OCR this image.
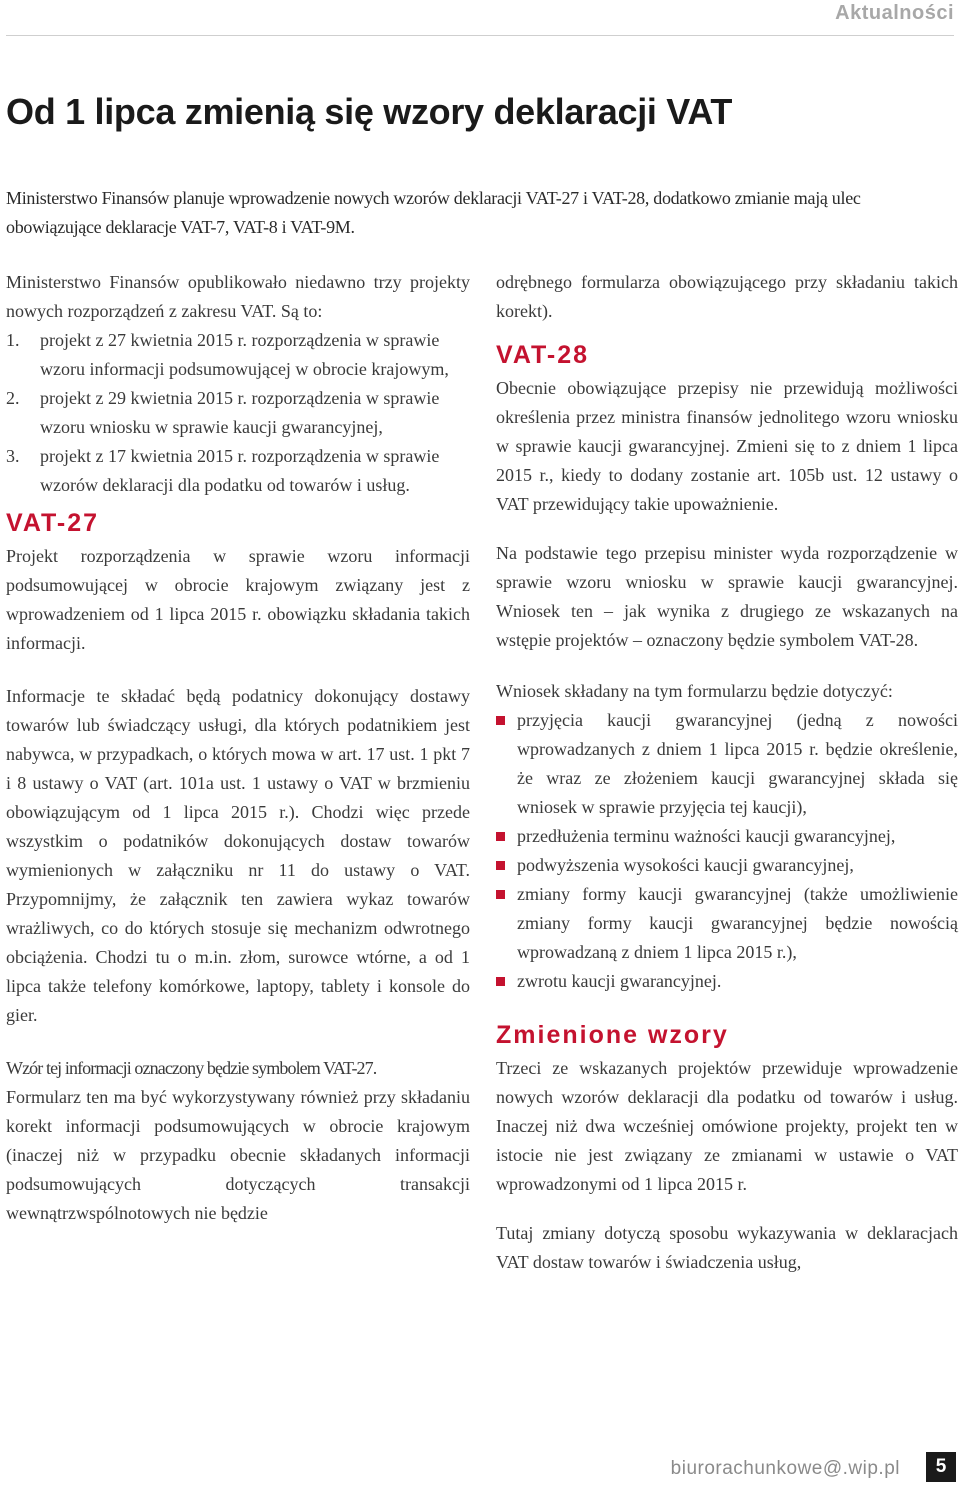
Aktualności
Od 1 lipca zmienią się wzory deklaracji VAT

Ministerstwo Finansów planuje wprowadzenie nowych wzorów deklaracji VAT-27 i VAT-28, dodatkowo zmianie mają ulec obowiązujące deklaracje VAT-7, VAT-8 i VAT-9M.

Ministerstwo Finansów opublikowało niedawno trzy projekty nowych rozporządzeń z zakresu VAT. Są to:

1. projekt z 27 kwietnia 2015 r. rozporządzenia w sprawie wzoru informacji podsumowującej w obrocie krajowym,
2. projekt z 29 kwietnia 2015 r. rozporządzenia w sprawie wzoru wniosku w sprawie kaucji gwarancyjnej,
3. projekt z 17 kwietnia 2015 r. rozporządzenia w sprawie wzorów deklaracji dla podatku od towarów i usług.
VAT-27

Projekt rozporządzenia w sprawie wzoru informacji podsumowującej w obrocie krajowym związany jest z wprowadzeniem od 1 lipca 2015 r. obowiązku składania takich informacji.

Informacje te składać będą podatnicy dokonujący dostawy towarów lub świadczący usługi, dla których podatnikiem jest nabywca, w przypadkach, o których mowa w art. 17 ust. 1 pkt 7 i 8 ustawy o VAT (art. 101a ust. 1 ustawy o VAT w brzmieniu obowiązującym od 1 lipca 2015 r.). Chodzi więc przede wszystkim o podatników dokonujących dostaw towarów wymienionych w załączniku nr 11 do ustawy o VAT. Przypomnijmy, że załącznik ten zawiera wykaz towarów wrażliwych, co do których stosuje się mechanizm odwrotnego obciążenia. Chodzi tu o m.in. złom, surowce wtórne, a od 1 lipca także telefony komórkowe, laptopy, tablety i konsole do gier.

Wzór tej informacji oznaczony będzie symbolem VAT-27.

Formularz ten ma być wykorzystywany również przy składaniu korekt informacji podsumowujących w obrocie krajowym (inaczej niż w przypadku obecnie składanych informacji podsumowujących dotyczących transakcji wewnątrzwspólnotowych nie będzie

odrębnego formularza obowiązującego przy składaniu takich korekt).

VAT-28

Obecnie obowiązujące przepisy nie przewidują możliwości określenia przez ministra finansów jednolitego wzoru wniosku w sprawie kaucji gwarancyjnej. Zmieni się to z dniem 1 lipca 2015 r., kiedy to dodany zostanie art. 105b ust. 12 ustawy o VAT przewidujący takie upoważnienie.

Na podstawie tego przepisu minister wyda rozporządzenie w sprawie wzoru wniosku w sprawie kaucji gwarancyjnej. Wniosek ten – jak wynika z drugiego ze wskazanych na wstępie projektów – oznaczony będzie symbolem VAT-28.

Wniosek składany na tym formularzu będzie dotyczyć:

przyjęcia kaucji gwarancyjnej (jedną z nowości wprowadzanych z dniem 1 lipca 2015 r. będzie określenie, że wraz ze złożeniem kaucji gwarancyjnej składa się wniosek w sprawie przyjęcia tej kaucji),
przedłużenia terminu ważności kaucji gwarancyjnej,
podwyższenia wysokości kaucji gwarancyjnej,
zmiany formy kaucji gwarancyjnej (także umożliwienie zmiany formy kaucji gwarancyjnej będzie nowością wprowadzaną z dniem 1 lipca 2015 r.),
zwrotu kaucji gwarancyjnej.
Zmienione wzory

Trzeci ze wskazanych projektów przewiduje wprowadzenie nowych wzorów deklaracji dla podatku od towarów i usług. Inaczej niż dwa wcześniej omówione projekty, projekt ten w istocie nie jest związany ze zmianami w ustawie o VAT wprowadzonymi od 1 lipca 2015 r.

Tutaj zmiany dotyczą sposobu wykazywania w deklaracjach VAT dostaw towarów i świadczenia usług,

biurorachunkowe@.wip.pl	5
